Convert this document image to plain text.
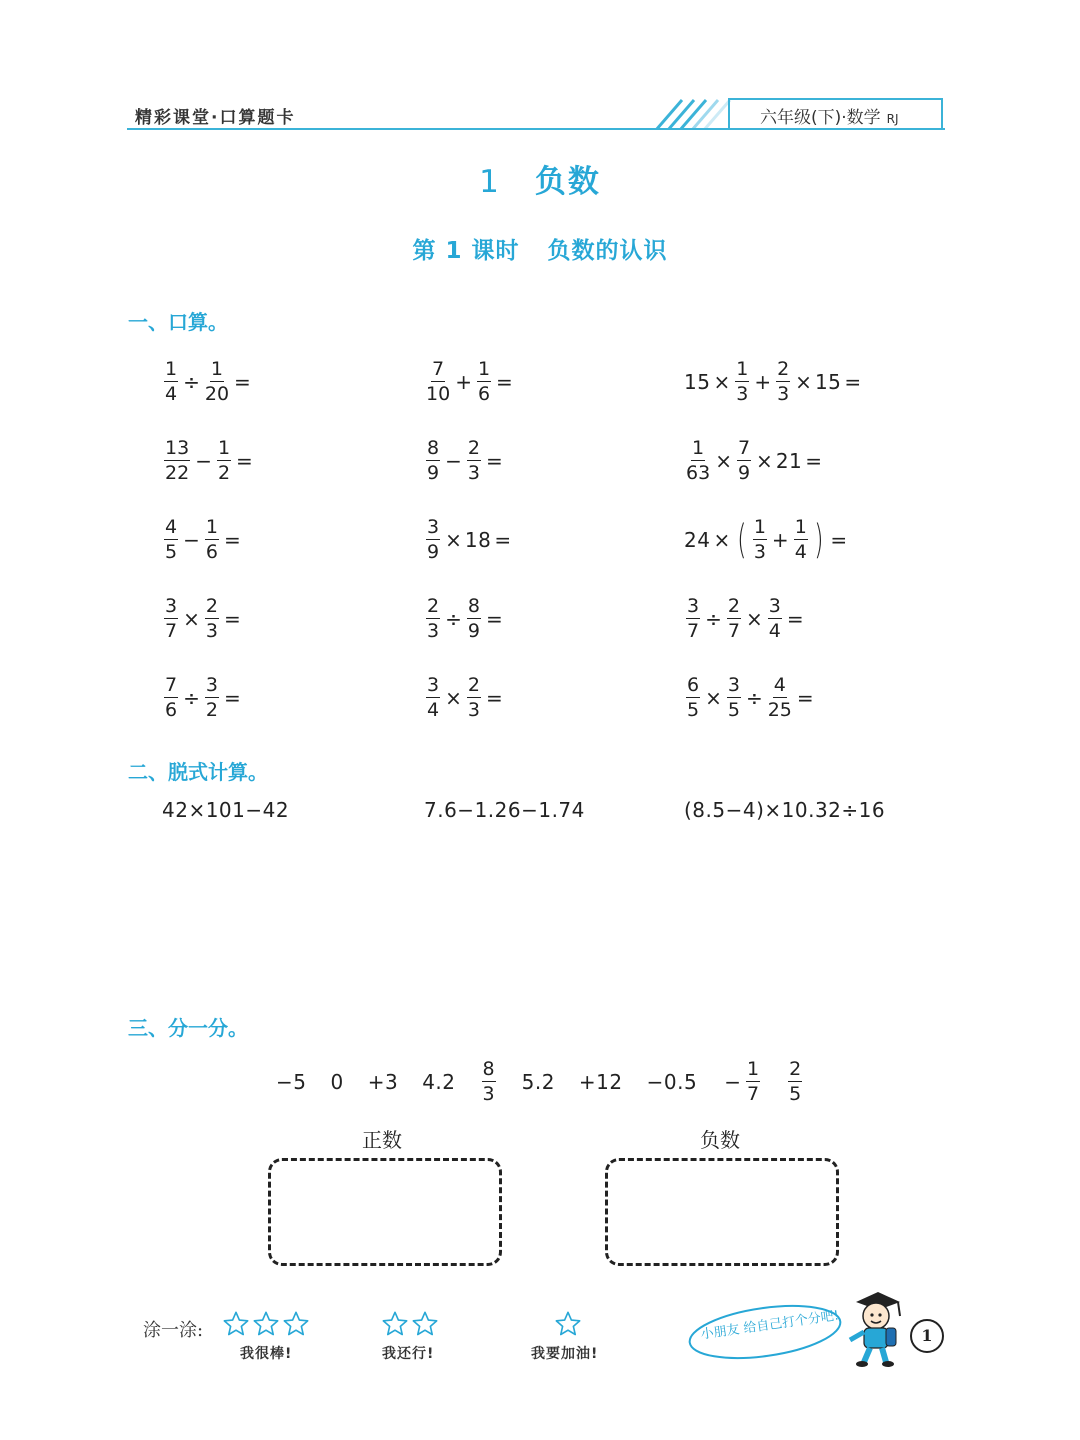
精彩课堂·口算题卡	六年级(下)·数学 RJ
1 负数
第 1 课时 负数的认识
一、口算。
$\frac{1}{4} \div \frac{1}{20}$ =	$\frac{7}{10} + \frac{1}{6}$ =	$15 \times \frac{1}{3} + \frac{2}{3} \times 15$ =
$\frac{13}{22} - \frac{1}{2}$ =	$\frac{8}{9} - \frac{2}{3}$ =	$\frac{1}{63} \times \frac{7}{9} \times 21$ =
$\frac{4}{5} - \frac{1}{6}$ =	$\frac{3}{9} \times 18$ =	24 × ( $\frac{1}{3} + \frac{1}{4}$ ) =
$\frac{3}{7} \times \frac{2}{3}$ =	$\frac{2}{3} \div \frac{8}{9}$ =	$\frac{3}{7} \div \frac{2}{7} \times \frac{3}{4}$ =
$\frac{7}{6} \div \frac{3}{2}$ =	$\frac{3}{4} \times \frac{2}{3}$ =	$\frac{6}{5} \times \frac{3}{5} \div \frac{4}{25}$ =
二、脱式计算。
42×101−42	7.6−1.26−1.74	(8.5−4)×10.32÷16
三、分一分。
−5 0 +3 $4.2 \frac{8}{3} 5.2 +12 -0.5 - \frac{1}{7} \frac{2}{5}$
正数	负数
涂一涂:
我很棒!	我还行!	我要加油!
小朋友 给自己打个分吧!	1
